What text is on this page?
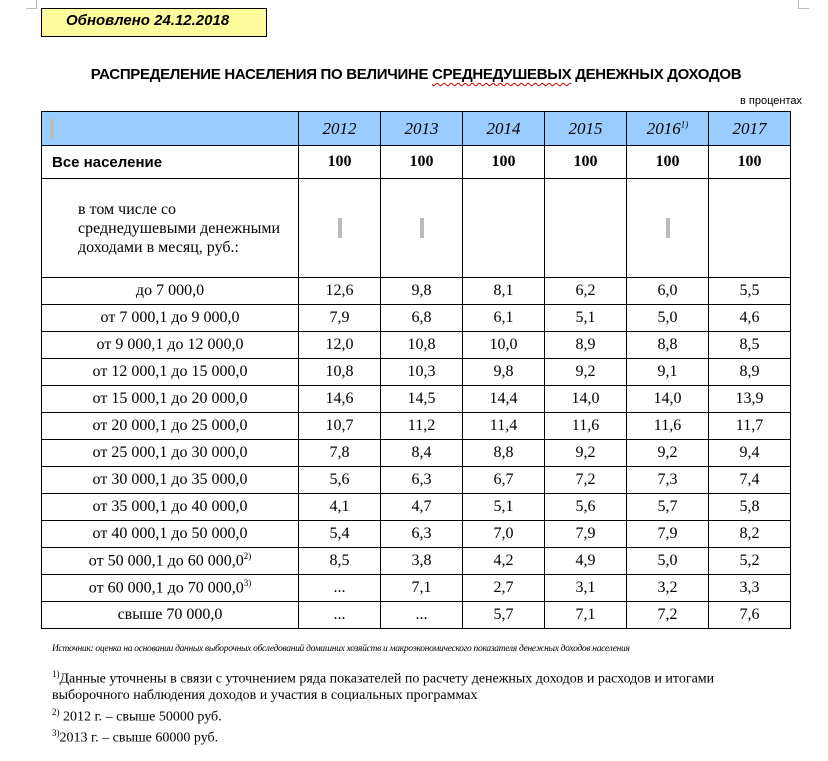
Обновлено 24.12.2018
РАСПРЕДЕЛЕНИЕ НАСЕЛЕНИЯ ПО ВЕЛИЧИНЕ СРЕДНЕДУШЕВЫХ ДЕНЕЖНЫХ ДОХОДОВ
в процентах
	2012	2013	2014	2015	2016$^{1)}$	2017
Все население	100	100	100	100	100	100
в том числе со среднедушевыми денежными доходами в месяц, руб.:						
до 7 000,0	12,6	9,8	8,1	6,2	6,0	5,5
от 7 000,1 до 9 000,0	7,9	6,8	6,1	5,1	5,0	4,6
от 9 000,1 до 12 000,0	12,0	10,8	10,0	8,9	8,8	8,5
от 12 000,1 до 15 000,0	10,8	10,3	9,8	9,2	9,1	8,9
от 15 000,1 до 20 000,0	14,6	14,5	14,4	14,0	14,0	13,9
от 20 000,1 до 25 000,0	10,7	11,2	11,4	11,6	11,6	11,7
от 25 000,1 до 30 000,0	7,8	8,4	8,8	9,2	9,2	9,4
от 30 000,1 до 35 000,0	5,6	6,3	6,7	7,2	7,3	7,4
от 35 000,1 до 40 000,0	4,1	4,7	5,1	5,6	5,7	5,8
от 40 000,1 до 50 000,0	5,4	6,3	7,0	7,9	7,9	8,2
от 50 000,1 до 60 000,0$^{2)}$	8,5	3,8	4,2	4,9	5,0	5,2
от 60 000,1 до 70 000,0$^{3)}$	...	7,1	2,7	3,1	3,2	3,3
свыше 70 000,0	...	...	5,7	7,1	7,2	7,6
Источник: оценка на основании данных выборочных обследований домашних хозяйств и макроэкономического показателя денежных доходов населения
$^{1)}$Данные уточнены в связи с уточнением ряда показателей по расчету денежных доходов и расходов и итогами выборочного наблюдения доходов и участия в социальных программах
$^{2)}$ 2012 г. – свыше 50000 руб.
$^{3)}$2013 г. – свыше 60000 руб.
